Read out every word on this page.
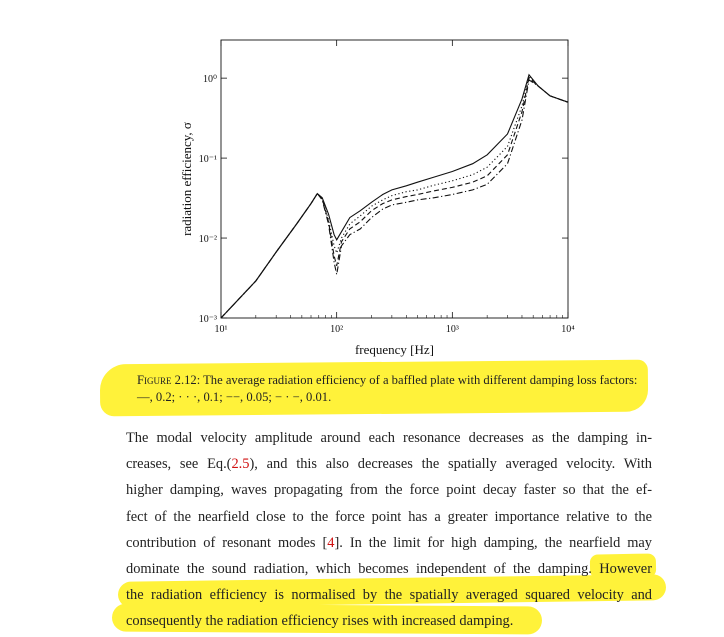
10⁰
10⁻¹
10⁻²
10⁻³
10¹	10²	10³	10⁴
frequency [Hz]
radiation efficiency, σ
Figure 2.12: The average radiation efficiency of a baffled plate with different damping loss factors: —, 0.2; · · ·, 0.1; −−, 0.05; − · −, 0.01.
The modal velocity amplitude around each resonance decreases as the damping in-
creases, see Eq.(2.5), and this also decreases the spatially averaged velocity. With
higher damping, waves propagating from the force point decay faster so that the ef-
fect of the nearfield close to the force point has a greater importance relative to the
contribution of resonant modes [4]. In the limit for high damping, the nearfield may
dominate the sound radiation, which becomes independent of the damping. However
the radiation efficiency is normalised by the spatially averaged squared velocity and
consequently the radiation efficiency rises with increased damping.
